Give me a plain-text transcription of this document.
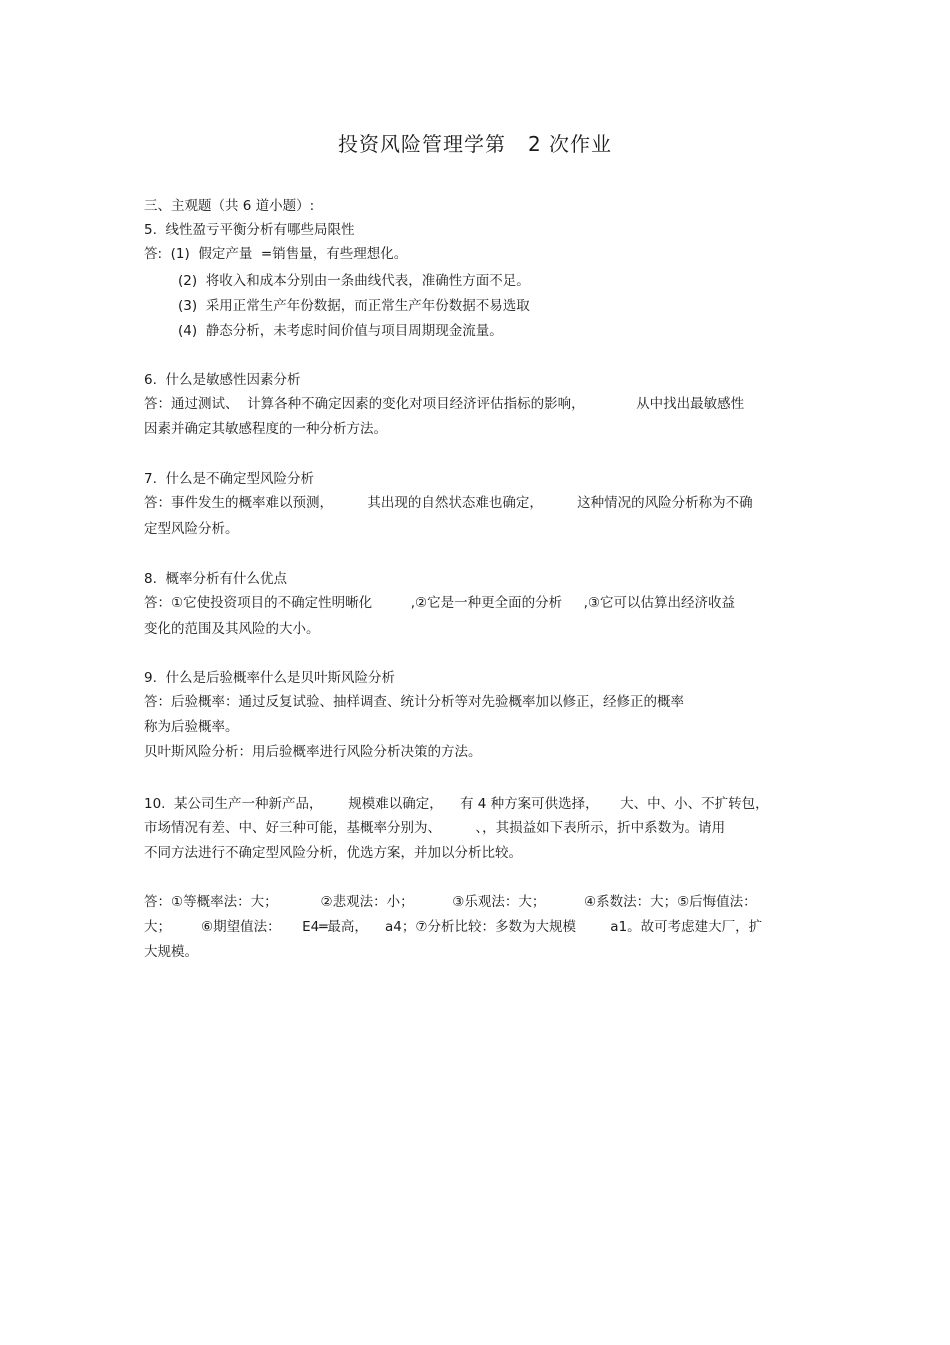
投资风险管理学第 2 次作业
三、主观题（共 6 道小题）:
5.  线性盈亏平衡分析有哪些局限性
答:  (1)  假定产量  =销售量，有些理想化。
(2)  将收入和成本分别由一条曲线代表，准确性方面不足。
(3)  采用正常生产年份数据，而正常生产年份数据不易选取
(4)  静态分析，未考虑时间价值与项目周期现金流量。
6.  什么是敏感性因素分析
答：通过测试、  计算各种不确定因素的变化对项目经济评估指标的影响，            从中找出最敏感性
因素并确定其敏感程度的一种分析方法。
7.  什么是不确定型风险分析
答：事件发生的概率难以预测，        其出现的自然状态难也确定，        这种情况的风险分析称为不确
定型风险分析。
8.  概率分析有什么优点
答：①它使投资项目的不确定性明晰化         ,②它是一种更全面的分析     ,③它可以估算出经济收益
变化的范围及其风险的大小。
9.  什么是后验概率什么是贝叶斯风险分析
答：后验概率：通过反复试验、抽样调查、统计分析等对先验概率加以修正，经修正的概率
称为后验概率。
贝叶斯风险分析：用后验概率进行风险分析决策的方法。
10.  某公司生产一种新产品，      规模难以确定，    有 4 种方案可供选择，     大、中、小、不扩转包，
市场情况有差、中、好三种可能，基概率分别为、        、，其损益如下表所示，折中系数为。请用
不同方法进行不确定型风险分析，优选方案，并加以分析比较。
答：①等概率法：大；          ②悲观法：小；         ③乐观法：大；         ④系数法：大；⑤后悔值法：
大；       ⑥期望值法：     E4═最高，    a4；⑦分析比较：多数为大规模        a1。故可考虑建大厂，扩
大规模。
